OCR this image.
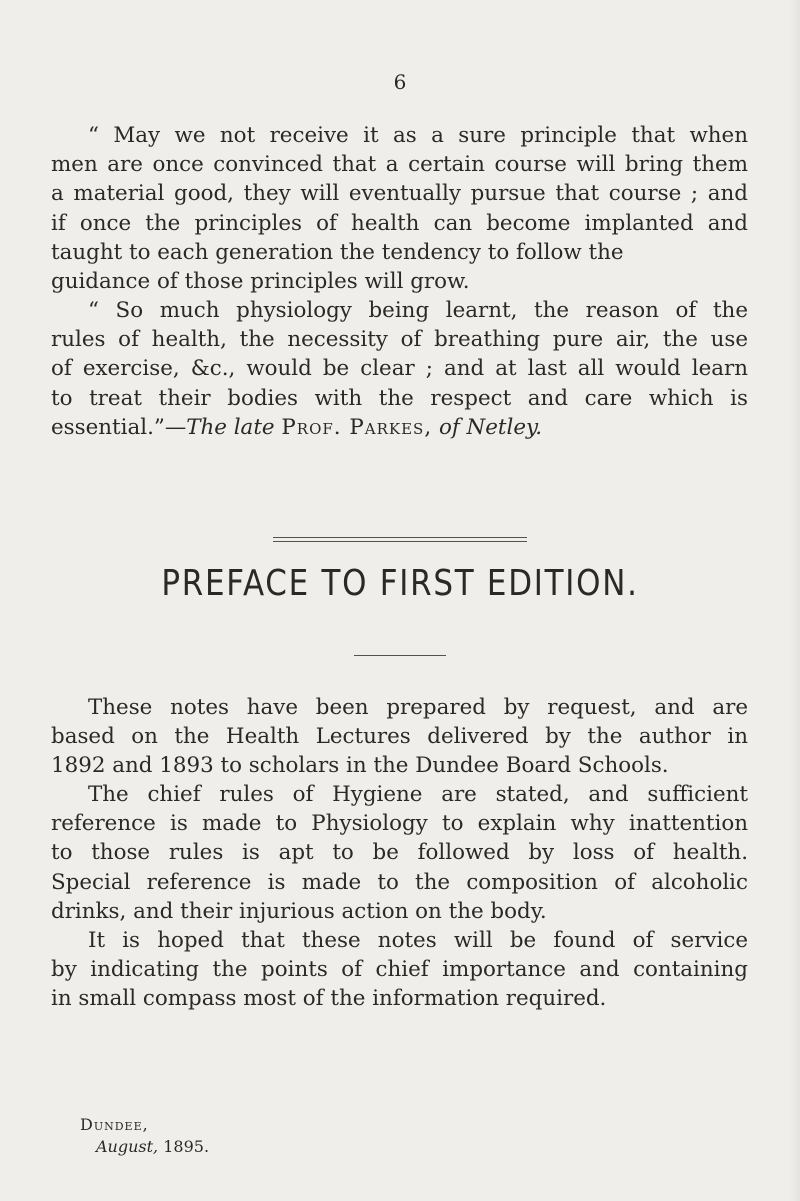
6

“ May we not receive it as a sure principle that when
men are once convinced that a certain course will bring them
a material good, they will eventually pursue that course ; and
if once the principles of health can become implanted and
taught to each generation the tendency to follow the
guidance of those principles will grow.

“ So much physiology being learnt, the reason of the
rules of health, the necessity of breathing pure air, the use
of exercise, &c., would be clear ; and at last all would learn
to treat their bodies with the respect and care which is
essential.”—The late Prof. Parkes, of Netley.

PREFACE TO FIRST EDITION.

These notes have been prepared by request, and are
based on the Health Lectures delivered by the author in
1892 and 1893 to scholars in the Dundee Board Schools.

The chief rules of Hygiene are stated, and sufficient
reference is made to Physiology to explain why inattention
to those rules is apt to be followed by loss of health.
Special reference is made to the composition of alcoholic
drinks, and their injurious action on the body.

It is hoped that these notes will be found of service
by indicating the points of chief importance and containing
in small compass most of the information required.

Dundee,
August, 1895.
